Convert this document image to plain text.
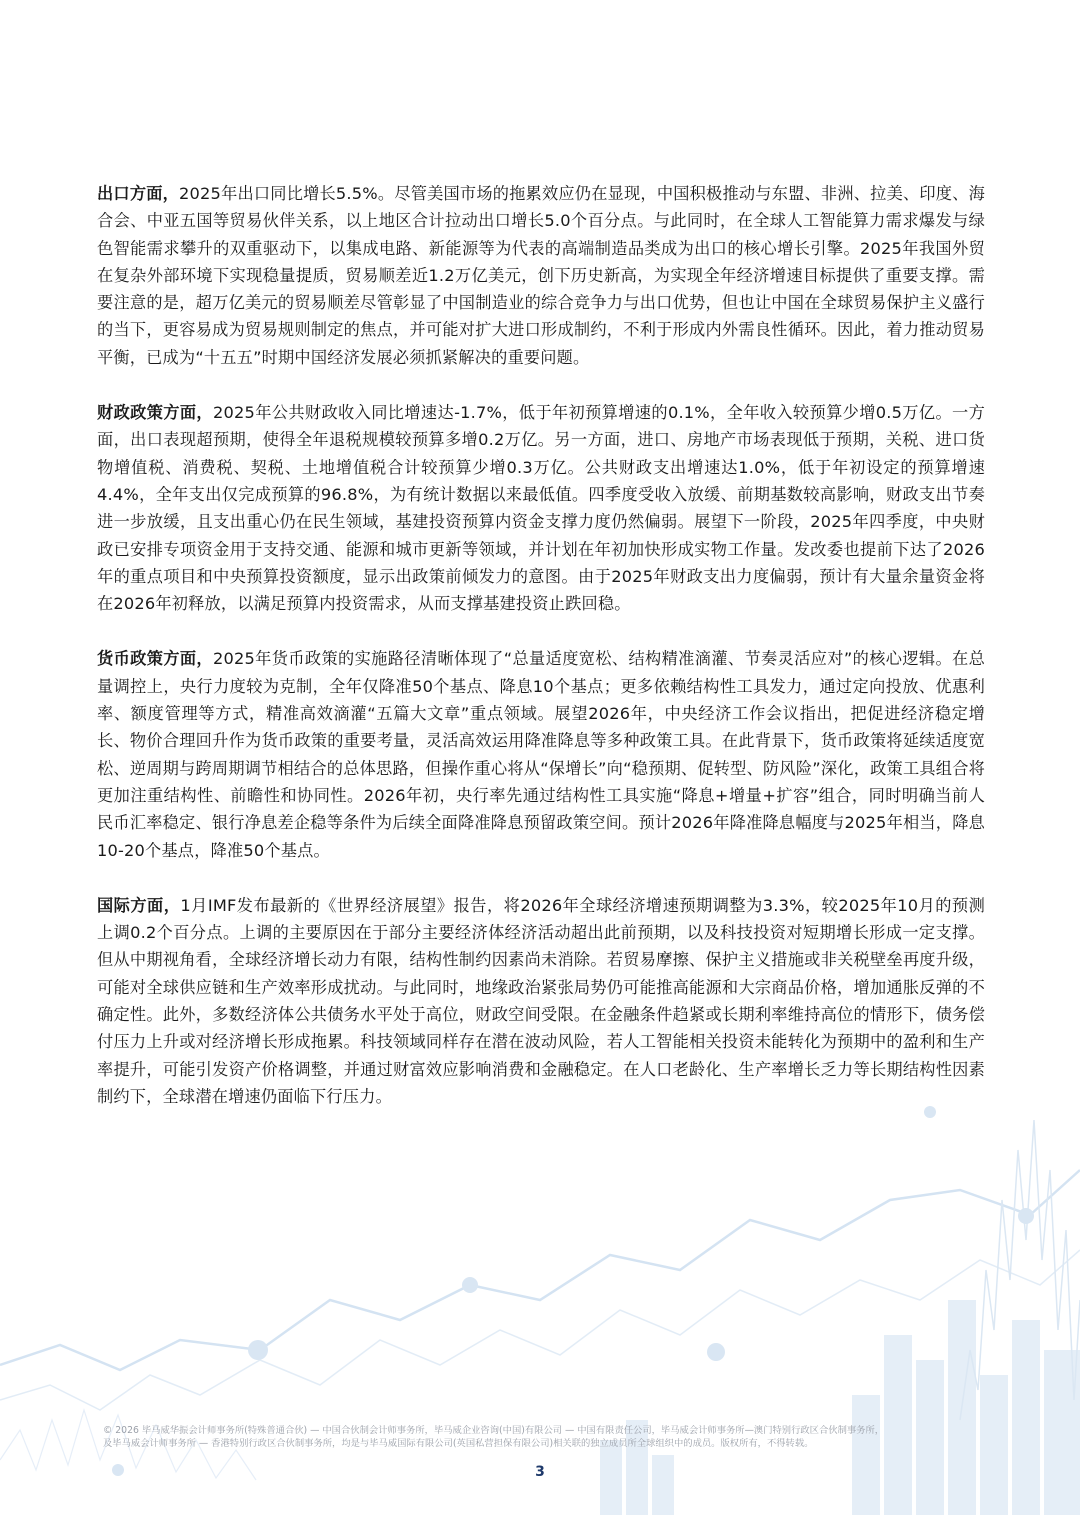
出口方面，2025年出口同比增长5.5%。尽管美国市场的拖累效应仍在显现，中国积极推动与东盟、非洲、拉美、印度、海合会、中亚五国等贸易伙伴关系，以上地区合计拉动出口增长5.0个百分点。与此同时，在全球人工智能算力需求爆发与绿色智能需求攀升的双重驱动下，以集成电路、新能源等为代表的高端制造品类成为出口的核心增长引擎。2025年我国外贸在复杂外部环境下实现稳量提质，贸易顺差近1.2万亿美元，创下历史新高，为实现全年经济增速目标提供了重要支撑。需要注意的是，超万亿美元的贸易顺差尽管彰显了中国制造业的综合竞争力与出口优势，但也让中国在全球贸易保护主义盛行的当下，更容易成为贸易规则制定的焦点，并可能对扩大进口形成制约，不利于形成内外需良性循环。因此，着力推动贸易平衡，已成为“十五五”时期中国经济发展必须抓紧解决的重要问题。

财政政策方面，2025年公共财政收入同比增速达-1.7%，低于年初预算增速的0.1%，全年收入较预算少增0.5万亿。一方面，出口表现超预期，使得全年退税规模较预算多增0.2万亿。另一方面，进口、房地产市场表现低于预期，关税、进口货物增值税、消费税、契税、土地增值税合计较预算少增0.3万亿。公共财政支出增速达1.0%，低于年初设定的预算增速4.4%，全年支出仅完成预算的96.8%，为有统计数据以来最低值。四季度受收入放缓、前期基数较高影响，财政支出节奏进一步放缓，且支出重心仍在民生领域，基建投资预算内资金支撑力度仍然偏弱。展望下一阶段，2025年四季度，中央财政已安排专项资金用于支持交通、能源和城市更新等领域，并计划在年初加快形成实物工作量。发改委也提前下达了2026年的重点项目和中央预算投资额度，显示出政策前倾发力的意图。由于2025年财政支出力度偏弱，预计有大量余量资金将在2026年初释放，以满足预算内投资需求，从而支撑基建投资止跌回稳。

货币政策方面，2025年货币政策的实施路径清晰体现了“总量适度宽松、结构精准滴灌、节奏灵活应对”的核心逻辑。在总量调控上，央行力度较为克制，全年仅降准50个基点、降息10个基点；更多依赖结构性工具发力，通过定向投放、优惠利率、额度管理等方式，精准高效滴灌“五篇大文章”重点领域。展望2026年，中央经济工作会议指出，把促进经济稳定增长、物价合理回升作为货币政策的重要考量，灵活高效运用降准降息等多种政策工具。在此背景下，货币政策将延续适度宽松、逆周期与跨周期调节相结合的总体思路，但操作重心将从“保增长”向“稳预期、促转型、防风险”深化，政策工具组合将更加注重结构性、前瞻性和协同性。2026年初，央行率先通过结构性工具实施“降息+增量+扩容”组合，同时明确当前人民币汇率稳定、银行净息差企稳等条件为后续全面降准降息预留政策空间。预计2026年降准降息幅度与2025年相当，降息10-20个基点，降准50个基点。

国际方面，1月IMF发布最新的《世界经济展望》报告，将2026年全球经济增速预期调整为3.3%，较2025年10月的预测上调0.2个百分点。上调的主要原因在于部分主要经济体经济活动超出此前预期，以及科技投资对短期增长形成一定支撑。但从中期视角看，全球经济增长动力有限，结构性制约因素尚未消除。若贸易摩擦、保护主义措施或非关税壁垒再度升级，可能对全球供应链和生产效率形成扰动。与此同时，地缘政治紧张局势仍可能推高能源和大宗商品价格，增加通胀反弹的不确定性。此外，多数经济体公共债务水平处于高位，财政空间受限。在金融条件趋紧或长期利率维持高位的情形下，债务偿付压力上升或对经济增长形成拖累。科技领域同样存在潜在波动风险，若人工智能相关投资未能转化为预期中的盈利和生产率提升，可能引发资产价格调整，并通过财富效应影响消费和金融稳定。在人口老龄化、生产率增长乏力等长期结构性因素制约下，全球潜在增速仍面临下行压力。

© 2026 毕马威华振会计师事务所(特殊普通合伙) — 中国合伙制会计师事务所，毕马威企业咨询(中国)有限公司 — 中国有限责任公司，毕马威会计师事务所—澳门特别行政区合伙制事务所，
及毕马威会计师事务所 — 香港特别行政区合伙制事务所，均是与毕马威国际有限公司(英国私营担保有限公司)相关联的独立成员所全球组织中的成员。版权所有，不得转载。
3
